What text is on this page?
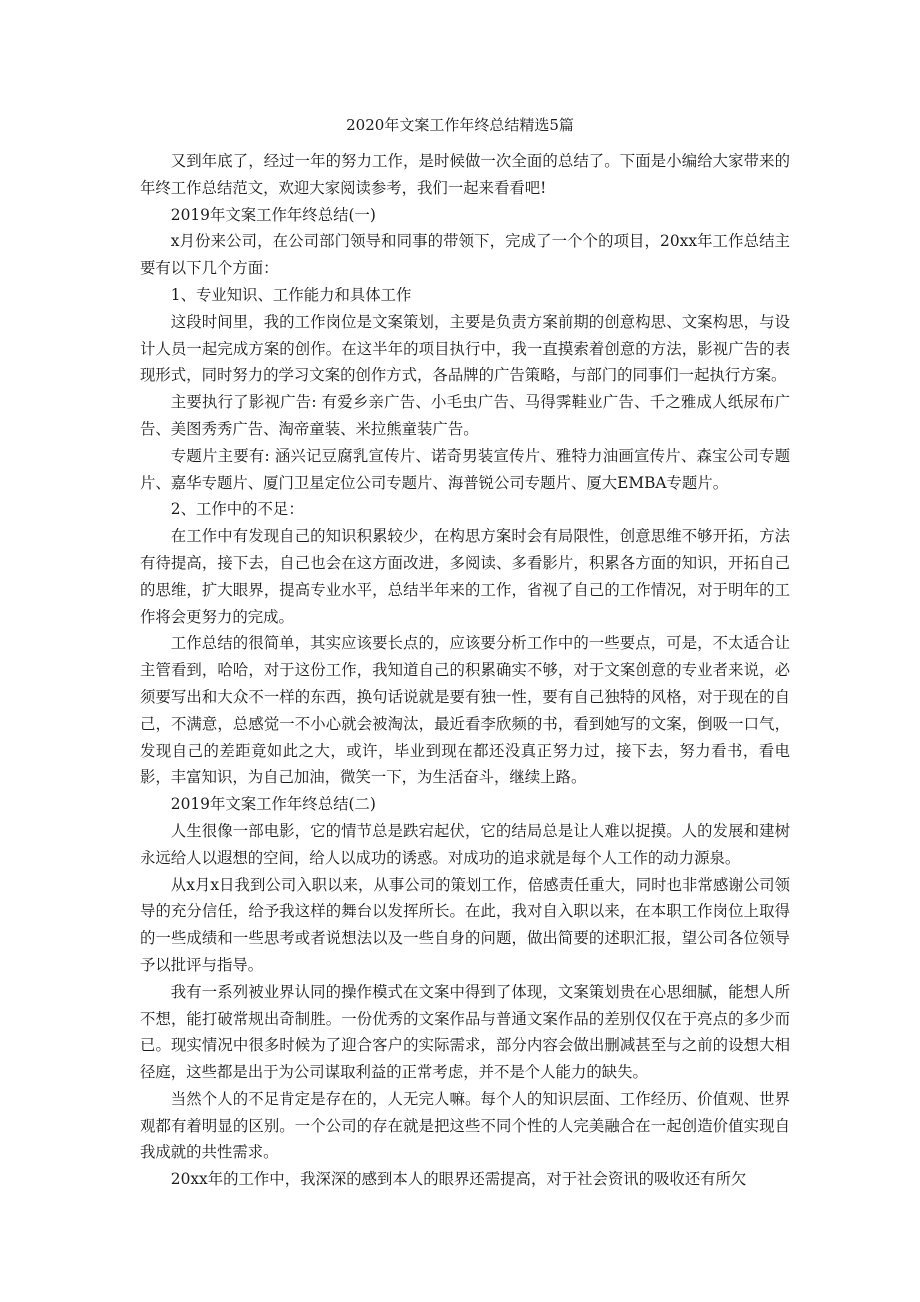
2020年文案工作年终总结精选5篇

又到年底了，经过一年的努力工作，是时候做一次全面的总结了。下面是小编给大家带来的年终工作总结范文，欢迎大家阅读参考，我们一起来看看吧!

2019年文案工作年终总结(一)

x月份来公司，在公司部门领导和同事的带领下，完成了一个个的项目，20xx年工作总结主要有以下几个方面：

1、专业知识、工作能力和具体工作

这段时间里，我的工作岗位是文案策划，主要是负责方案前期的创意构思、文案构思，与设计人员一起完成方案的创作。在这半年的项目执行中，我一直摸索着创意的方法，影视广告的表现形式，同时努力的学习文案的创作方式，各品牌的广告策略，与部门的同事们一起执行方案。

主要执行了影视广告: 有爱乡亲广告、小毛虫广告、马得霁鞋业广告、千之雅成人纸尿布广告、美图秀秀广告、淘帝童装、米拉熊童装广告。

专题片主要有: 涵兴记豆腐乳宣传片、诺奇男装宣传片、雅特力油画宣传片、森宝公司专题片、嘉华专题片、厦门卫星定位公司专题片、海普锐公司专题片、厦大EMBA专题片。

2、工作中的不足：

在工作中有发现自己的知识积累较少，在构思方案时会有局限性，创意思维不够开拓，方法有待提高，接下去，自己也会在这方面改进，多阅读、多看影片，积累各方面的知识，开拓自己的思维，扩大眼界，提高专业水平，总结半年来的工作，省视了自己的工作情况，对于明年的工作将会更努力的完成。

工作总结的很简单，其实应该要长点的，应该要分析工作中的一些要点，可是，不太适合让主管看到，哈哈，对于这份工作，我知道自己的积累确实不够，对于文案创意的专业者来说，必须要写出和大众不一样的东西，换句话说就是要有独一性，要有自己独特的风格，对于现在的自己，不满意，总感觉一不小心就会被淘汰，最近看李欣频的书，看到她写的文案，倒吸一口气，发现自己的差距竟如此之大，或许，毕业到现在都还没真正努力过，接下去，努力看书，看电影，丰富知识，为自己加油，微笑一下，为生活奋斗，继续上路。

2019年文案工作年终总结(二)

人生很像一部电影，它的情节总是跌宕起伏，它的结局总是让人难以捉摸。人的发展和建树永远给人以遐想的空间，给人以成功的诱惑。对成功的追求就是每个人工作的动力源泉。

从x月x日我到公司入职以来，从事公司的策划工作，倍感责任重大，同时也非常感谢公司领导的充分信任，给予我这样的舞台以发挥所长。在此，我对自入职以来，在本职工作岗位上取得的一些成绩和一些思考或者说想法以及一些自身的问题，做出简要的述职汇报，望公司各位领导予以批评与指导。

我有一系列被业界认同的操作模式在文案中得到了体现，文案策划贵在心思细腻，能想人所不想，能打破常规出奇制胜。一份优秀的文案作品与普通文案作品的差别仅仅在于亮点的多少而已。现实情况中很多时候为了迎合客户的实际需求，部分内容会做出删减甚至与之前的设想大相径庭，这些都是出于为公司谋取利益的正常考虑，并不是个人能力的缺失。

当然个人的不足肯定是存在的，人无完人嘛。每个人的知识层面、工作经历、价值观、世界观都有着明显的区别。一个公司的存在就是把这些不同个性的人完美融合在一起创造价值实现自我成就的共性需求。

20xx年的工作中，我深深的感到本人的眼界还需提高，对于社会资讯的吸收还有所欠
